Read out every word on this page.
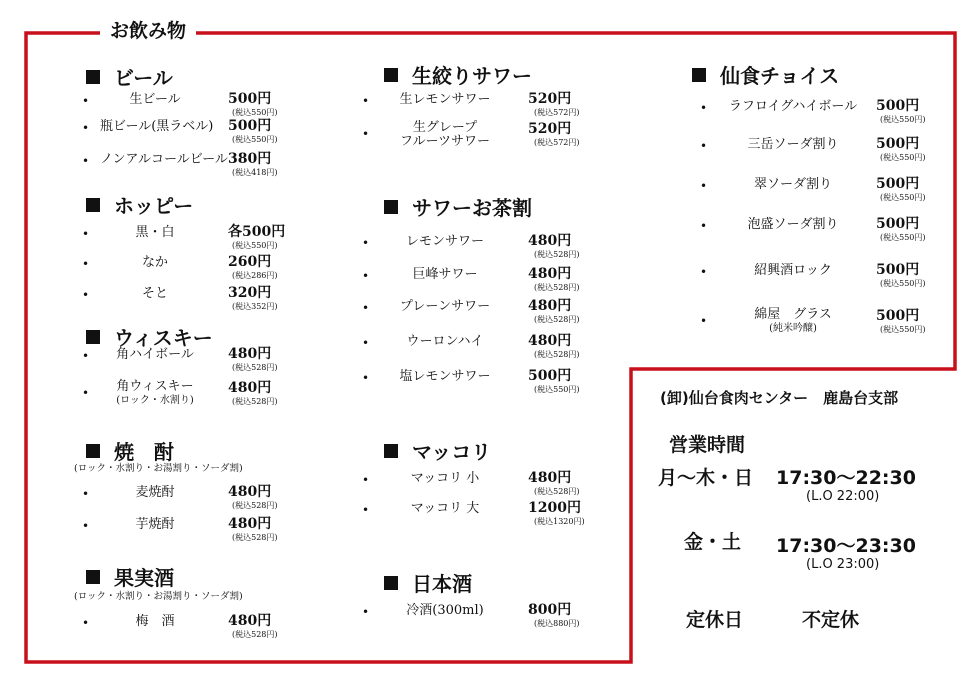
お飲み物
ビール
•	生ビール	500円
(税込550円)
• 瓶ビール(黒ラベル) 500円
(税込550円)
• ノンアルコールビール 380円
(税込418円)
ホッピー
•	黒・白	各500円
(税込550円)
•	なか	260円
(税込286円)
•	そと	320円
(税込352円)
ウィスキー
•	角ハイボール	480円
(税込528円)
•	角ウィスキー
(ロック・水割り)
480円
(税込528円)
焼　酎
(ロック・水割り・お湯割り・ソーダ割)
•	麦焼酎	480円
(税込528円)
•	芋焼酎	480円
(税込528円)
果実酒
(ロック・水割り・お湯割り・ソーダ割)
•	梅　酒	480円
(税込528円)
生絞りサワー
•	生レモンサワー	520円
(税込572円)
•	生グレープ
フルーツサワー
520円
(税込572円)
サワーお茶割
•	レモンサワー	480円
(税込528円)
•	巨峰サワー	480円
(税込528円)
•	プレーンサワー	480円
(税込528円)
•	ウーロンハイ	480円
(税込528円)
•	塩レモンサワー	500円
(税込550円)
マッコリ
•	マッコリ 小	480円
(税込528円)
•	マッコリ 大	1200円
(税込1320円)
日本酒
•	冷酒(300ml)	800円
(税込880円)
仙食チョイス
•	ラフロイグハイボール	500円
(税込550円)
•	三岳ソーダ割り	500円
(税込550円)
•	翠ソーダ割り	500円
(税込550円)
•	泡盛ソーダ割り	500円
(税込550円)
•	紹興酒ロック	500円
(税込550円)
•	綿屋　グラス
(純米吟醸)
500円
(税込550円)
(卸)仙台食肉センター　鹿島台支部
営業時間
月～木・日 17:30～22:30
(L.O 22:00)
金・土 17:30～23:30
(L.O 23:00)
定休日	不定休
